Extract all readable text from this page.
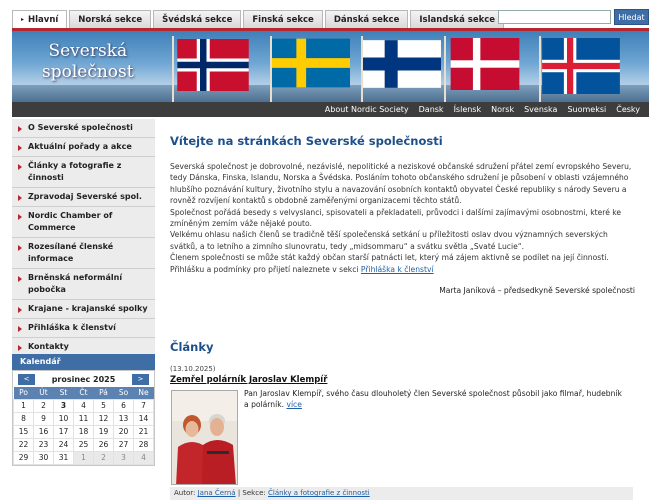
▸ Hlavní Norská sekce Švédská sekce Finská sekce Dánská sekce Islandská sekce	Hledat
Severská
společnost
About Nordic Society	Dansk	Íslensk	Norsk	Svenska	Suomeksi	Česky
O Severské společnosti
Aktuální pořady a akce
Články a fotografie z činnosti
Zpravodaj Severské spol.
Nordic Chamber of Commerce
Rozesílané členské informace
Brněnská neformální pobočka
Krajane - krajanské spolky
Přihláška k členství
Kontakty
Kalendář
<	prosinec 2025	>
Po	Út	St	Čt	Pá	So	Ne
1	2	3	4	5	6	7
8	9	10	11	12	13	14
15	16	17	18	19	20	21
22	23	24	25	26	27	28
29	30	31	1	2	3	4
Vítejte na stránkách Severské společnosti

Severská společnost je dobrovolné, nezávislé, nepolitické a neziskové občanské sdružení přátel zemí evropského Severu, tedy Dánska, Finska, Islandu, Norska a Švédska. Posláním tohoto občanského sdružení je působení v oblasti vzájemného hlubšího poznávání kultury, životního stylu a navazování osobních kontaktů obyvatel České republiky s národy Severu a rovněž rozvíjení kontaktů s obdobně zaměřenými organizacemi těchto států.

Společnost pořádá besedy s velvyslanci, spisovateli a překladateli, průvodci i dalšími zajímavými osobnostmi, které ke zmíněným zemím váže nějaké pouto.

Velkému ohlasu našich členů se tradičně těší společenská setkání u příležitosti oslav dvou významných severských svátků, a to letního a zimního slunovratu, tedy „midsommaru“ a svátku světla „Svaté Lucie“.

Členem společnosti se může stát každý občan starší patnácti let, který má zájem aktivně se podílet na její činnosti. Přihlášku a podmínky pro přijetí naleznete v sekci Přihláška k členství

Marta Janíková – předsedkyně Severské společnosti
Články
(13.10.2025)
Zemřel polárník Jaroslav Klempíř
Pan Jaroslav Klempíř, svého času dlouholetý člen Severské společnost působil jako filmař, hudebník a polárník. více
Autor: Jana Černá | Sekce: Články a fotografie z činnosti
